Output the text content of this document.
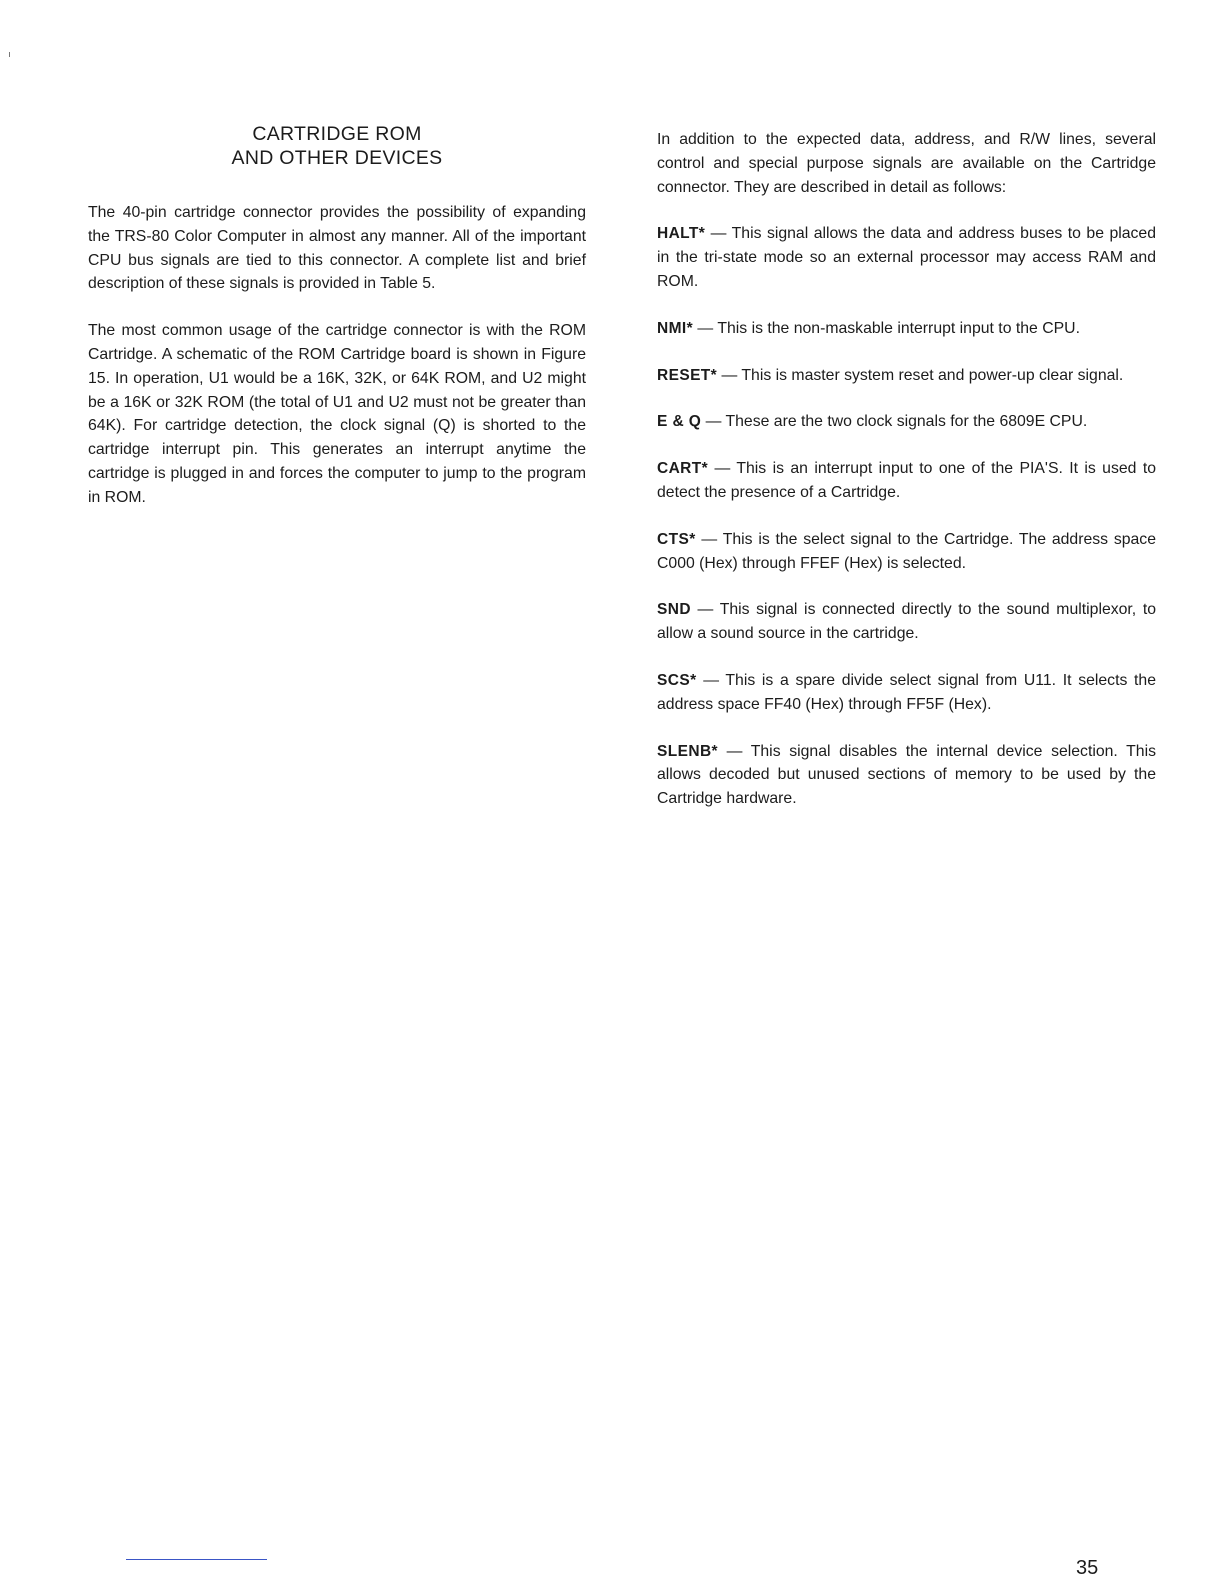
CARTRIDGE ROM
AND OTHER DEVICES

The 40-pin cartridge connector provides the possibility of expanding the TRS-80 Color Computer in almost any manner. All of the important CPU bus signals are tied to this connector. A complete list and brief description of these signals is provided in Table 5.

The most common usage of the cartridge connector is with the ROM Cartridge. A schematic of the ROM Cartridge board is shown in Figure 15. In operation, U1 would be a 16K, 32K, or 64K ROM, and U2 might be a 16K or 32K ROM (the total of U1 and U2 must not be greater than 64K). For cartridge detection, the clock signal (Q) is shorted to the cartridge interrupt pin. This generates an interrupt anytime the cartridge is plugged in and forces the computer to jump to the program in ROM.

In addition to the expected data, address, and R/W lines, several control and special purpose signals are available on the Cartridge connector. They are described in detail as follows:

HALT* — This signal allows the data and address buses to be placed in the tri-state mode so an external processor may access RAM and ROM.

NMI* — This is the non-maskable interrupt input to the CPU.

RESET* — This is master system reset and power-up clear signal.

E & Q — These are the two clock signals for the 6809E CPU.

CART* — This is an interrupt input to one of the PIA'S. It is used to detect the presence of a Cartridge.

CTS* — This is the select signal to the Cartridge. The address space C000 (Hex) through FFEF (Hex) is selected.

SND — This signal is connected directly to the sound multiplexor, to allow a sound source in the cartridge.

SCS* — This is a spare divide select signal from U11. It selects the address space FF40 (Hex) through FF5F (Hex).

SLENB* — This signal disables the internal device selection. This allows decoded but unused sections of memory to be used by the Cartridge hardware.

35
